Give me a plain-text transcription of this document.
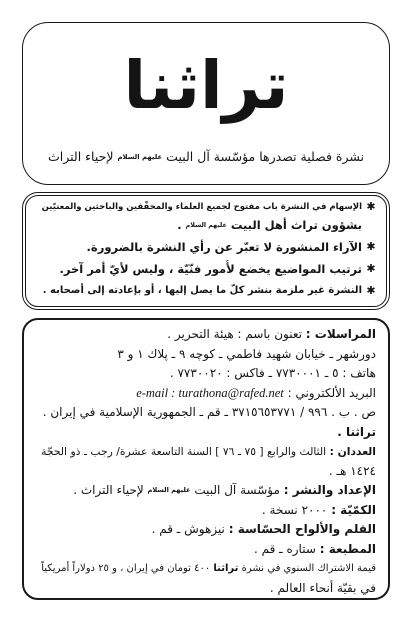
تراثنا
نشرة فصلية تصدرها مؤسّسة آل البيت عليهم السلام لإحياء التراث
✱
الإسهام في النشرة باب مفتوح لجميع العلماء والمحقّقين والباحثين والمعنيّين
بشؤون تراث أهل البيت عليهم السلام .
✱
الآراء المنشورة لا تعبّر عن رأي النشرة بالضرورة.
✱
ترتيب المواضيع يخضع لأُمور فنّيّة ، وليس لأيّ أمر آخر.
✱
النشرة غير ملزمة بنشر كلّ ما يصل إليها ، أو بإعادته إلى أصحابه .
المراسلات : تعنون باسم : هيئة التحرير .
دورشهر ـ خيابان شهيد فاطمي ـ كوچه ٩ ـ پلاك ١ و ٣
هاتف : ٥ ـ ٧٧٣٠٠٠١ ـ فاكس : ٧٧٣٠٠٢٠ .
البريد الألكتروني : e-mail : turathona@rafed.net
ص . ب . ٩٩٦ / ٣٧١٥٦٥٣٧٧١ ـ قم ـ الجمهورية الإسلامية في إيران .
تراثنا .
العددان : الثالث والرابع [ ٧٥ ـ ٧٦ ] السنة التاسعة عشرة/ رجب ـ ذو الحجّة
١٤٢٤ هـ .
الإعداد والنشر : مؤسّسة آل البيت عليهم السلام لإحياء التراث .
الكمّيّة : ٢٠٠٠ نسخة .
القلم والألواح الحسّاسة : نيزهوش ـ قم .
المطبعة : ستاره ـ قم .
قيمة الاشتراك السنوي في نشرة تراثنا ٤٠٠ تومان في إيران ، و ٢٥ دولاراً أمريكياً
في بقيّة أنحاء العالم .
